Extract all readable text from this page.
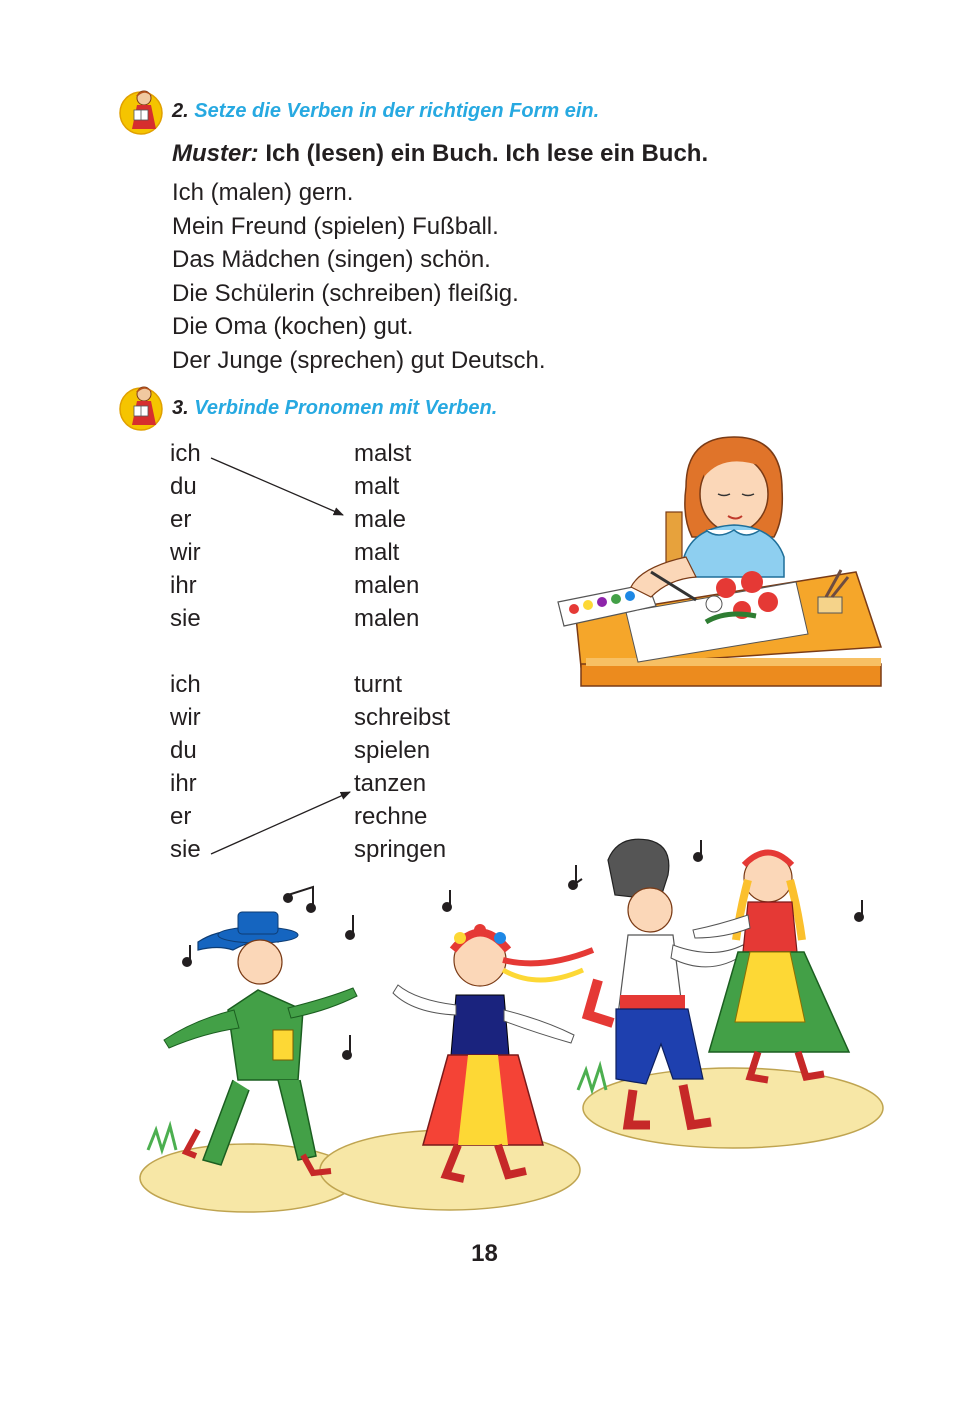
2. Setze die Verben in der richtigen Form ein.
Muster: Ich (lesen) ein Buch. Ich lese ein Buch.
Ich (malen) gern.
Mein Freund (spielen) Fußball.
Das Mädchen (singen) schön.
Die Schülerin (schreiben) fleißig.
Die Oma (kochen) gut.
Der Junge (sprechen) gut Deutsch.
3. Verbinde Pronomen mit Verben.
ich
du
er
wir
ihr
sie
malst
malt
male
malt
malen
malen
ich
wir
du
ihr
er
sie
turnt
schreibst
spielen
tanzen
rechne
springen
18
